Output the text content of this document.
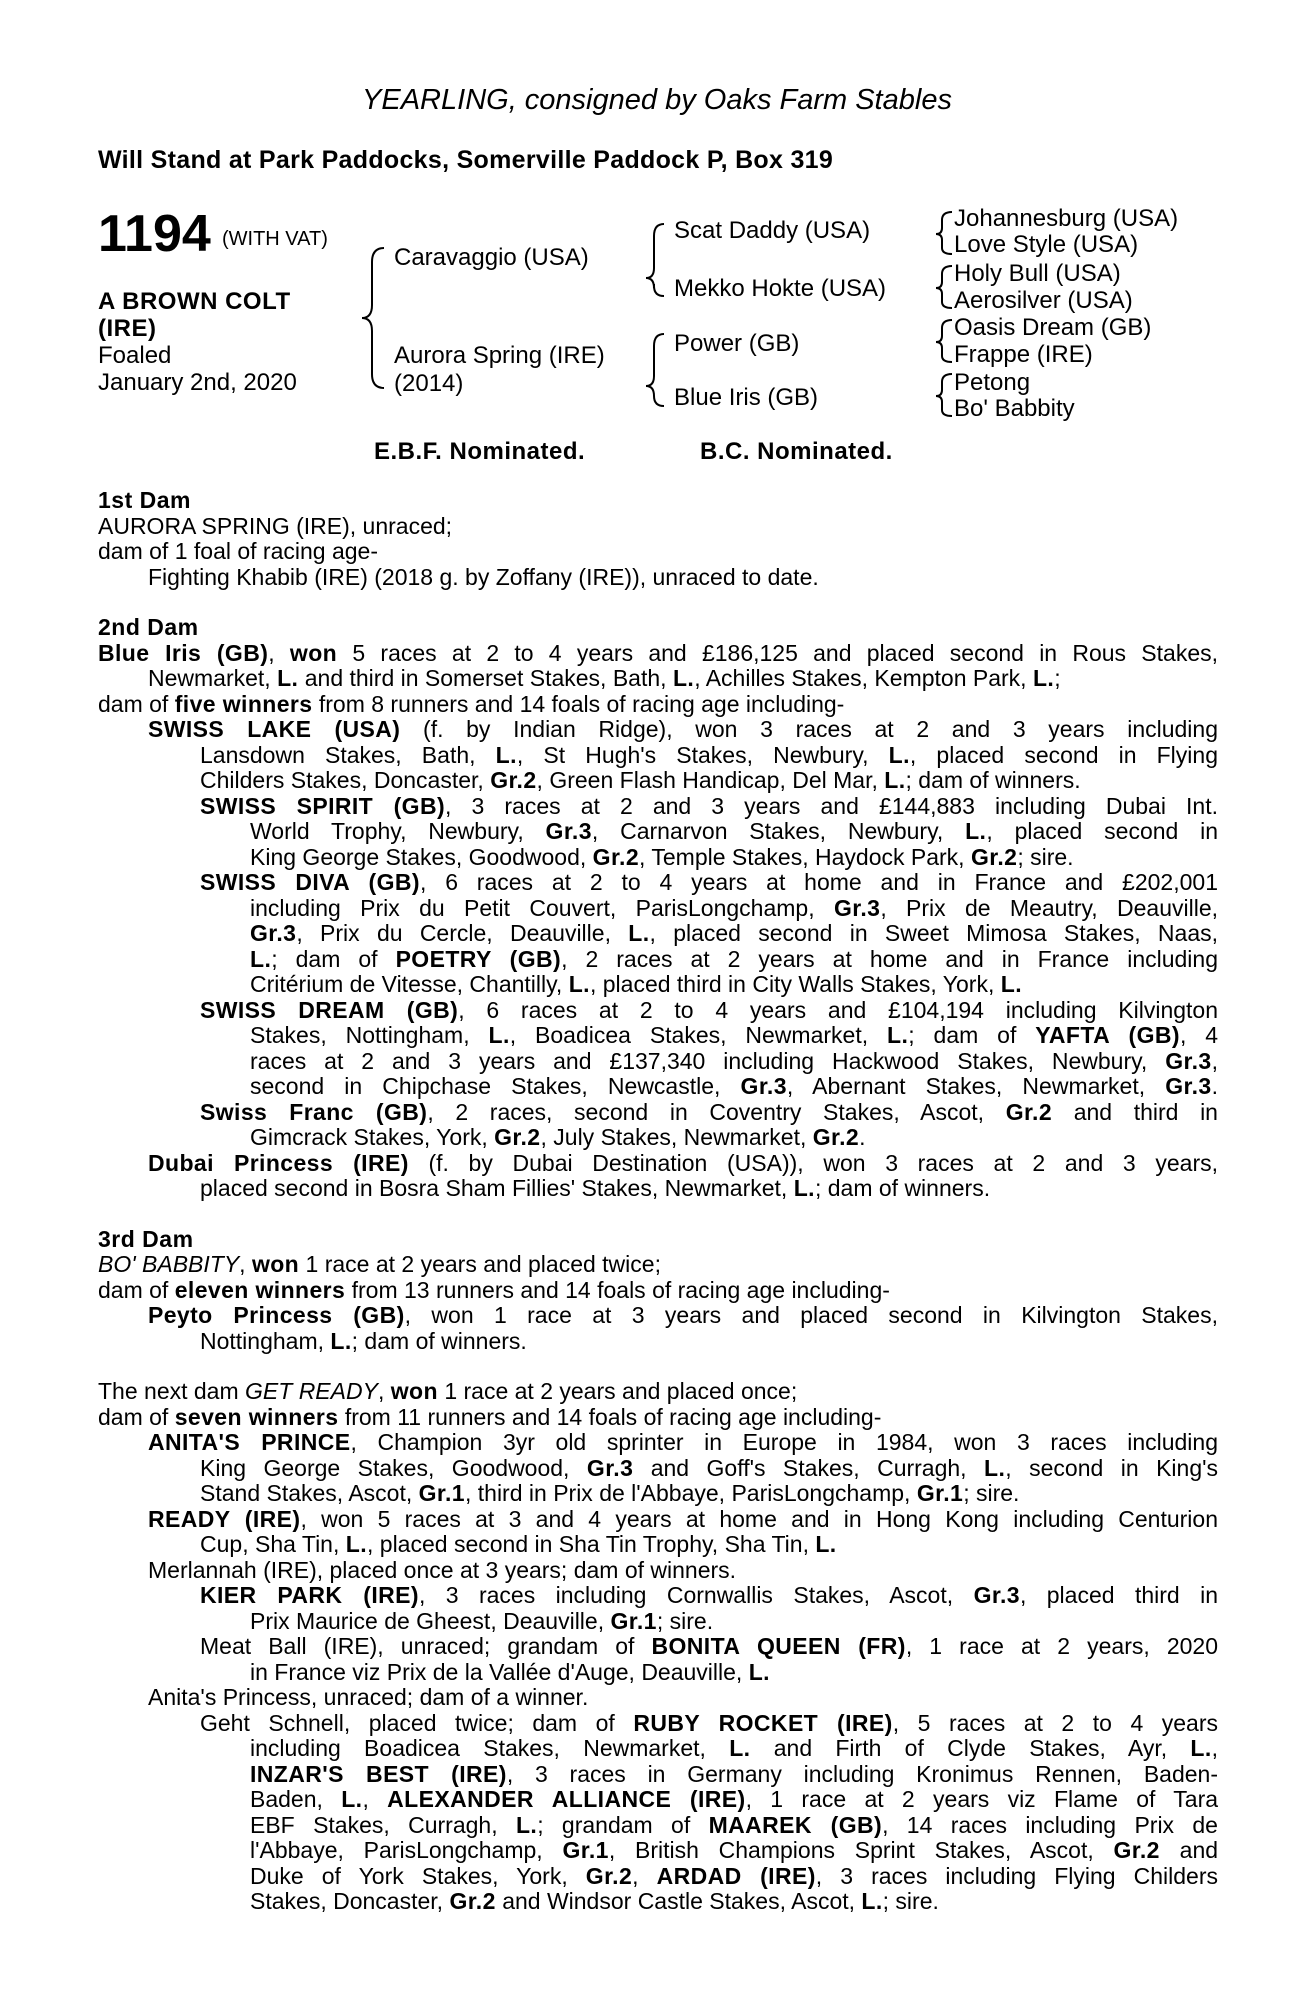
YEARLING, consigned by Oaks Farm Stables
Will Stand at Park Paddocks, Somerville Paddock P, Box 319
1194 (WITH VAT)
A BROWN COLT
(IRE)
Foaled
January 2nd, 2020
Caravaggio (USA)
Aurora Spring (IRE)
(2014)
Scat Daddy (USA)
Mekko Hokte (USA)
Power (GB)
Blue Iris (GB)
Johannesburg (USA)
Love Style (USA)
Holy Bull (USA)
Aerosilver (USA)
Oasis Dream (GB)
Frappe (IRE)
Petong
Bo' Babbity
E.B.F. Nominated.	B.C. Nominated.
1st Dam
AURORA SPRING (IRE), unraced;
dam of 1 foal of racing age-
Fighting Khabib (IRE) (2018 g. by Zoffany (IRE)), unraced to date.
2nd Dam
Blue Iris (GB), won 5 races at 2 to 4 years and £186,125 and placed second in Rous Stakes,
Newmarket, L. and third in Somerset Stakes, Bath, L., Achilles Stakes, Kempton Park, L.;
dam of five winners from 8 runners and 14 foals of racing age including-
SWISS LAKE (USA) (f. by Indian Ridge), won 3 races at 2 and 3 years including
Lansdown Stakes, Bath, L., St Hugh's Stakes, Newbury, L., placed second in Flying
Childers Stakes, Doncaster, Gr.2, Green Flash Handicap, Del Mar, L.; dam of winners.
SWISS SPIRIT (GB), 3 races at 2 and 3 years and £144,883 including Dubai Int.
World Trophy, Newbury, Gr.3, Carnarvon Stakes, Newbury, L., placed second in
King George Stakes, Goodwood, Gr.2, Temple Stakes, Haydock Park, Gr.2; sire.
SWISS DIVA (GB), 6 races at 2 to 4 years at home and in France and £202,001
including Prix du Petit Couvert, ParisLongchamp, Gr.3, Prix de Meautry, Deauville,
Gr.3, Prix du Cercle, Deauville, L., placed second in Sweet Mimosa Stakes, Naas,
L.; dam of POETRY (GB), 2 races at 2 years at home and in France including
Critérium de Vitesse, Chantilly, L., placed third in City Walls Stakes, York, L.
SWISS DREAM (GB), 6 races at 2 to 4 years and £104,194 including Kilvington
Stakes, Nottingham, L., Boadicea Stakes, Newmarket, L.; dam of YAFTA (GB), 4
races at 2 and 3 years and £137,340 including Hackwood Stakes, Newbury, Gr.3,
second in Chipchase Stakes, Newcastle, Gr.3, Abernant Stakes, Newmarket, Gr.3.
Swiss Franc (GB), 2 races, second in Coventry Stakes, Ascot, Gr.2 and third in
Gimcrack Stakes, York, Gr.2, July Stakes, Newmarket, Gr.2.
Dubai Princess (IRE) (f. by Dubai Destination (USA)), won 3 races at 2 and 3 years,
placed second in Bosra Sham Fillies' Stakes, Newmarket, L.; dam of winners.
3rd Dam
BO' BABBITY, won 1 race at 2 years and placed twice;
dam of eleven winners from 13 runners and 14 foals of racing age including-
Peyto Princess (GB), won 1 race at 3 years and placed second in Kilvington Stakes,
Nottingham, L.; dam of winners.
The next dam GET READY, won 1 race at 2 years and placed once;
dam of seven winners from 11 runners and 14 foals of racing age including-
ANITA'S PRINCE, Champion 3yr old sprinter in Europe in 1984, won 3 races including
King George Stakes, Goodwood, Gr.3 and Goff's Stakes, Curragh, L., second in King's
Stand Stakes, Ascot, Gr.1, third in Prix de l'Abbaye, ParisLongchamp, Gr.1; sire.
READY (IRE), won 5 races at 3 and 4 years at home and in Hong Kong including Centurion
Cup, Sha Tin, L., placed second in Sha Tin Trophy, Sha Tin, L.
Merlannah (IRE), placed once at 3 years; dam of winners.
KIER PARK (IRE), 3 races including Cornwallis Stakes, Ascot, Gr.3, placed third in
Prix Maurice de Gheest, Deauville, Gr.1; sire.
Meat Ball (IRE), unraced; grandam of BONITA QUEEN (FR), 1 race at 2 years, 2020
in France viz Prix de la Vallée d'Auge, Deauville, L.
Anita's Princess, unraced; dam of a winner.
Geht Schnell, placed twice; dam of RUBY ROCKET (IRE), 5 races at 2 to 4 years
including Boadicea Stakes, Newmarket, L. and Firth of Clyde Stakes, Ayr, L.,
INZAR'S BEST (IRE), 3 races in Germany including Kronimus Rennen, Baden-
Baden, L., ALEXANDER ALLIANCE (IRE), 1 race at 2 years viz Flame of Tara
EBF Stakes, Curragh, L.; grandam of MAAREK (GB), 14 races including Prix de
l'Abbaye, ParisLongchamp, Gr.1, British Champions Sprint Stakes, Ascot, Gr.2 and
Duke of York Stakes, York, Gr.2, ARDAD (IRE), 3 races including Flying Childers
Stakes, Doncaster, Gr.2 and Windsor Castle Stakes, Ascot, L.; sire.
